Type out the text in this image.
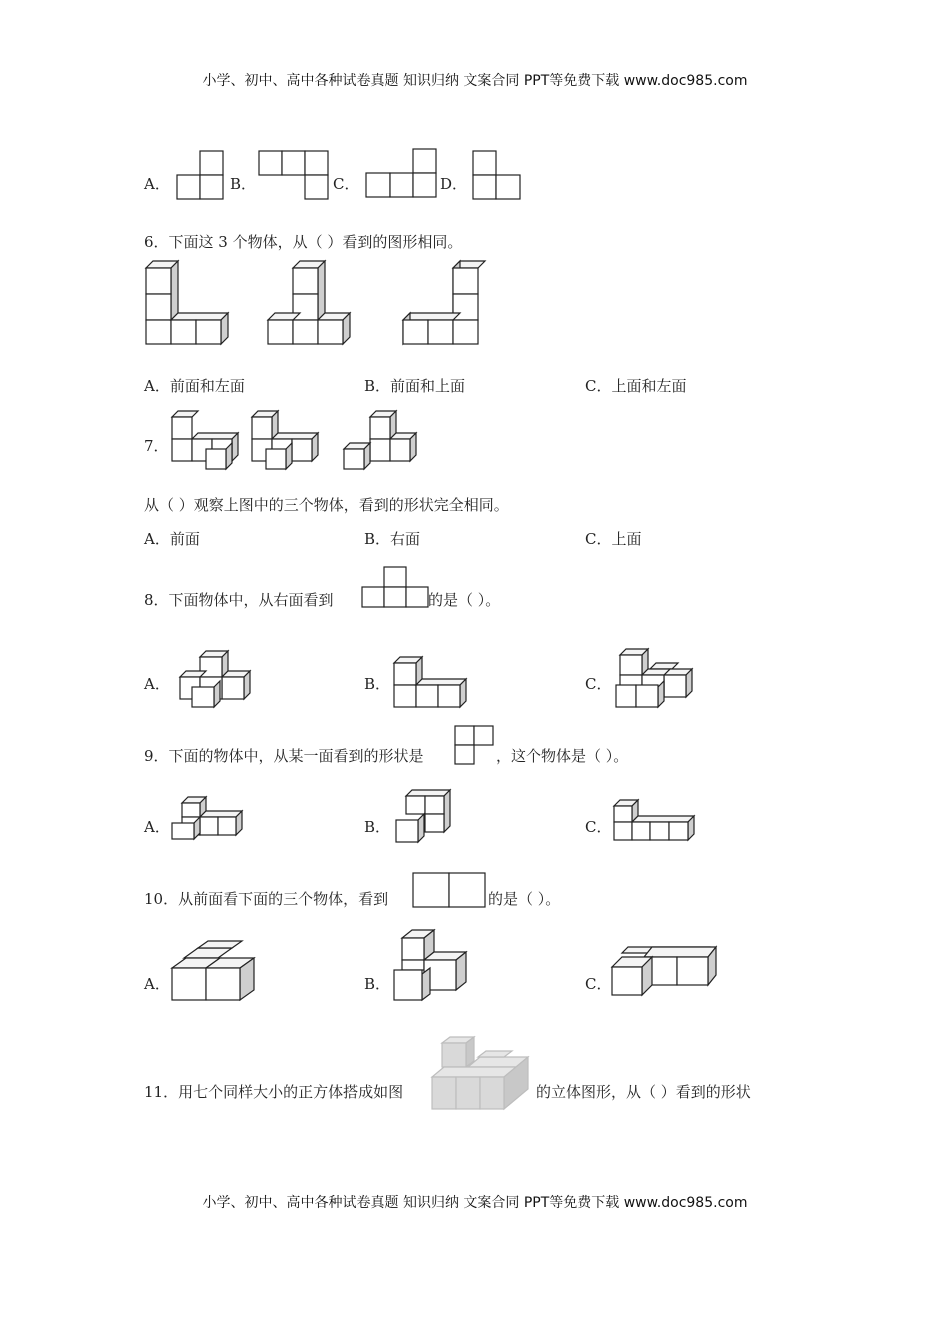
小学、初中、高中各种试卷真题 知识归纳 文案合同 PPT等免费下载 www.doc985.com
A．	B．	C．	D．
6．下面这 3 个物体，从（ ）看到的图形相同。
A．前面和左面	B．前面和上面	C．上面和左面
7．
从（ ）观察上图中的三个物体，看到的形状完全相同。
A．前面	B．右面	C．上面
8．下面物体中，从右面看到	的是（ ）。
A．	B．	C．
9．下面的物体中，从某一面看到的形状是	，这个物体是（ ）。
A．	B．	C．
10．从前面看下面的三个物体，看到	的是（ ）。
A．	B．	C．
11．用七个同样大小的正方体搭成如图	的立体图形，从（ ）看到的形状
小学、初中、高中各种试卷真题 知识归纳 文案合同 PPT等免费下载 www.doc985.com
